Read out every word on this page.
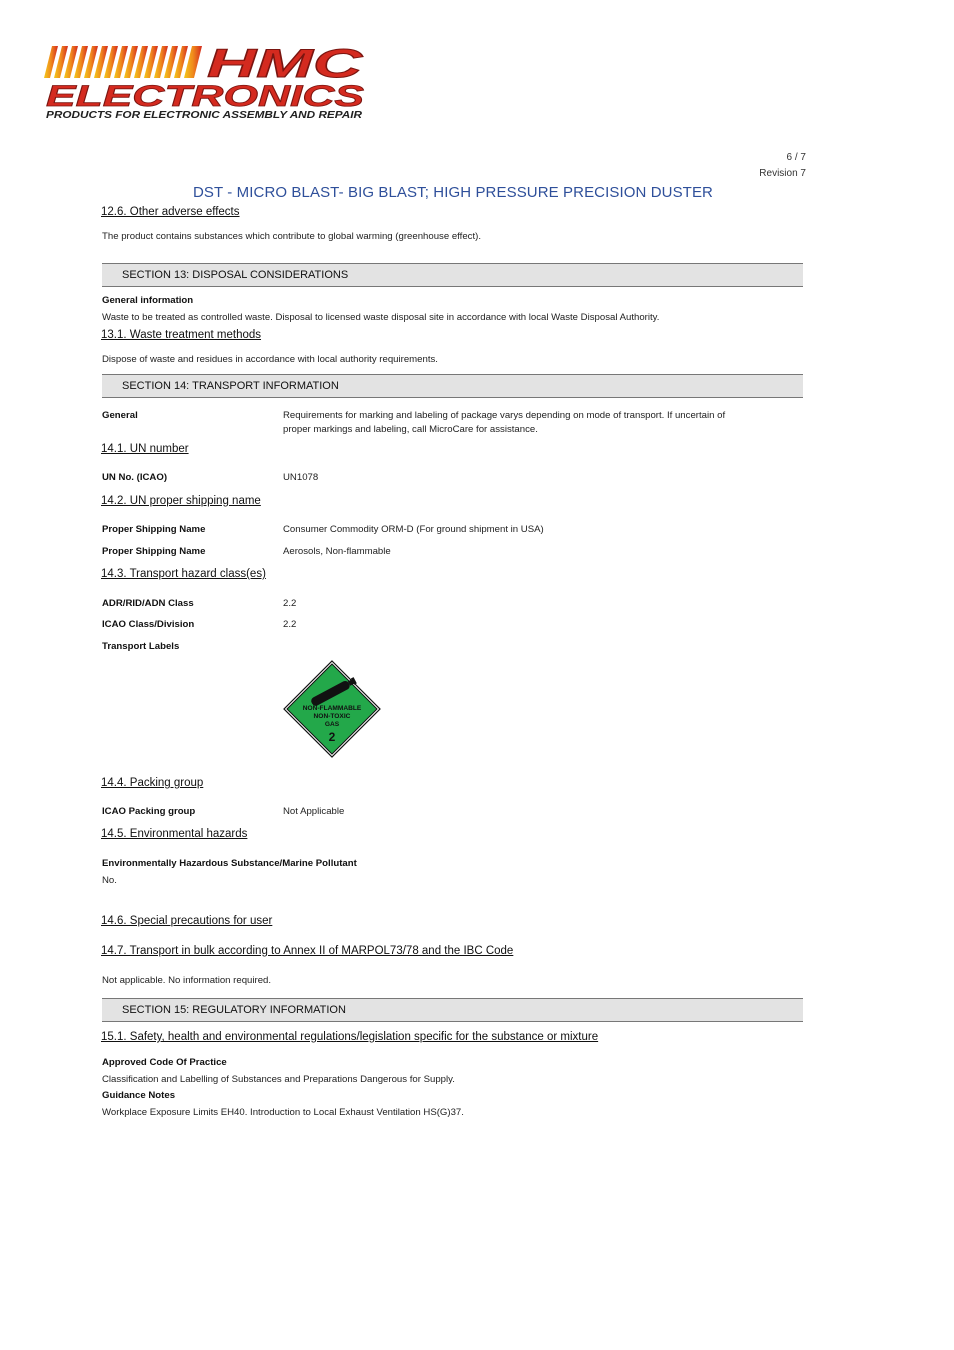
HMC
ELECTRONICS
PRODUCTS FOR ELECTRONIC ASSEMBLY AND REPAIR
6 / 7
Revision 7
DST - MICRO BLAST- BIG BLAST; HIGH PRESSURE PRECISION DUSTER
12.6. Other adverse effects
The product contains substances which contribute to global warming (greenhouse effect).
SECTION 13: DISPOSAL CONSIDERATIONS
General information
Waste to be treated as controlled waste. Disposal to licensed waste disposal site in accordance with local Waste Disposal Authority.
13.1. Waste treatment methods
Dispose of waste and residues in accordance with local authority requirements.
SECTION 14: TRANSPORT INFORMATION
General	Requirements for marking and labeling of package varys depending on mode of transport. If uncertain of
proper markings and labeling, call MicroCare for assistance.
14.1. UN number
UN No. (ICAO)	UN1078
14.2. UN proper shipping name
Proper Shipping Name	Consumer Commodity ORM-D (For ground shipment in USA)
Proper Shipping Name	Aerosols, Non-flammable
14.3. Transport hazard class(es)
ADR/RID/ADN Class	2.2
ICAO Class/Division	2.2
Transport Labels
NON-FLAMMABLE
NON-TOXIC
GAS
2
14.4. Packing group
ICAO Packing group	Not Applicable
14.5. Environmental hazards
Environmentally Hazardous Substance/Marine Pollutant
No.
14.6. Special precautions for user
14.7. Transport in bulk according to Annex II of MARPOL73/78 and the IBC Code
Not applicable. No information required.
SECTION 15: REGULATORY INFORMATION
15.1. Safety, health and environmental regulations/legislation specific for the substance or mixture
Approved Code Of Practice
Classification and Labelling of Substances and Preparations Dangerous for Supply.
Guidance Notes
Workplace Exposure Limits EH40. Introduction to Local Exhaust Ventilation HS(G)37.
